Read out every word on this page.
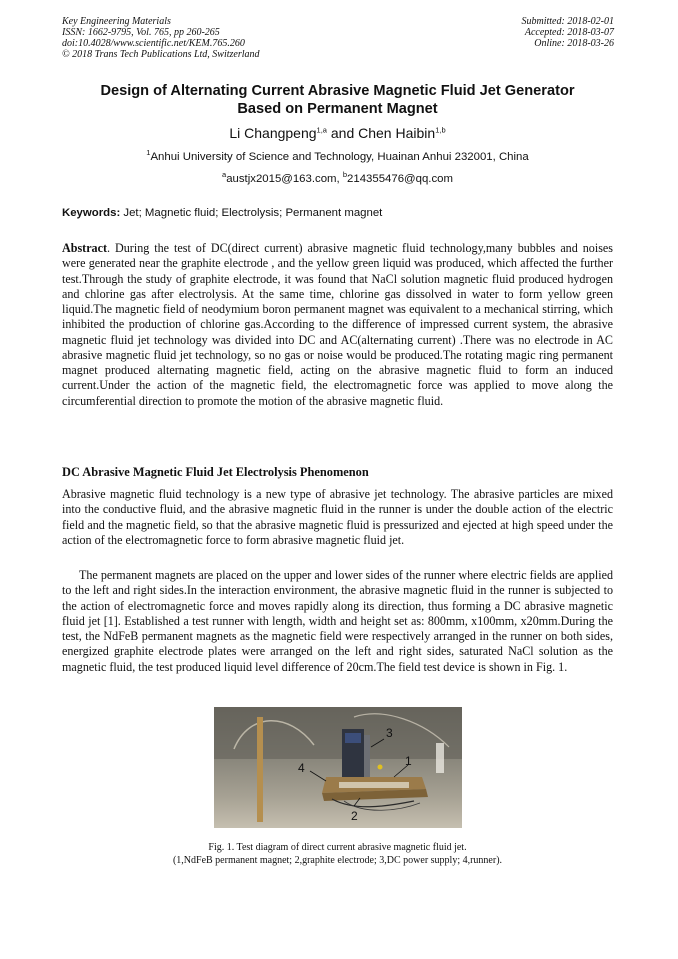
Key Engineering Materials
ISSN: 1662-9795, Vol. 765, pp 260-265
doi:10.4028/www.scientific.net/KEM.765.260
© 2018 Trans Tech Publications Ltd, Switzerland
Submitted: 2018-02-01
Accepted: 2018-03-07
Online: 2018-03-26
Design of Alternating Current Abrasive Magnetic Fluid Jet Generator
Based on Permanent Magnet
Li Changpeng$^{1,a}$ and Chen Haibin$^{1,b}$
$^1$Anhui University of Science and Technology, Huainan Anhui 232001, China
$^a$austjx2015@163.com, $^b$214355476@qq.com
Keywords: Jet; Magnetic fluid; Electrolysis; Permanent magnet
Abstract. During the test of DC(direct current) abrasive magnetic fluid technology,many bubbles and noises were generated near the graphite electrode , and the yellow green liquid was produced, which affected the further test.Through the study of graphite electrode, it was found that NaCl solution magnetic fluid produced hydrogen and chlorine gas after electrolysis. At the same time, chlorine gas dissolved in water to form yellow green liquid.The magnetic field of neodymium boron permanent magnet was equivalent to a mechanical stirring, which inhibited the production of chlorine gas.According to the difference of impressed current system, the abrasive magnetic fluid jet technology was divided into DC and AC(alternating current) .There was no electrode in AC abrasive magnetic fluid jet technology, so no gas or noise would be produced.The rotating magic ring permanent magnet produced alternating magnetic field, acting on the abrasive magnetic fluid to form an induced current.Under the action of the magnetic field, the electromagnetic force was applied to move along the circumferential direction to promote the motion of the abrasive magnetic fluid.
DC Abrasive Magnetic Fluid Jet Electrolysis Phenomenon
Abrasive magnetic fluid technology is a new type of abrasive jet technology. The abrasive particles are mixed into the conductive fluid, and the abrasive magnetic fluid in the runner is under the double action of the electric field and the magnetic field, so that the abrasive magnetic fluid is pressurized and ejected at high speed under the action of the electromagnetic force to form abrasive magnetic fluid jet.
The permanent magnets are placed on the upper and lower sides of the runner where electric fields are applied to the left and right sides.In the interaction environment, the abrasive magnetic fluid in the runner is subjected to the action of electromagnetic force and moves rapidly along its direction, thus forming a DC abrasive magnetic fluid jet [1]. Established a test runner with length, width and height set as: 800mm, x100mm, x20mm.During the test, the NdFeB permanent magnets as the magnetic field were respectively arranged in the runner on both sides, energized graphite electrode plates were arranged on the left and right sides, saturated NaCl solution as the magnetic fluid, the test produced liquid level difference of 20cm.The field test device is shown in Fig. 1.
1
2
3
4
Fig. 1. Test diagram of direct current abrasive magnetic fluid jet.
(1,NdFeB permanent magnet; 2,graphite electrode; 3,DC power supply; 4,runner).
